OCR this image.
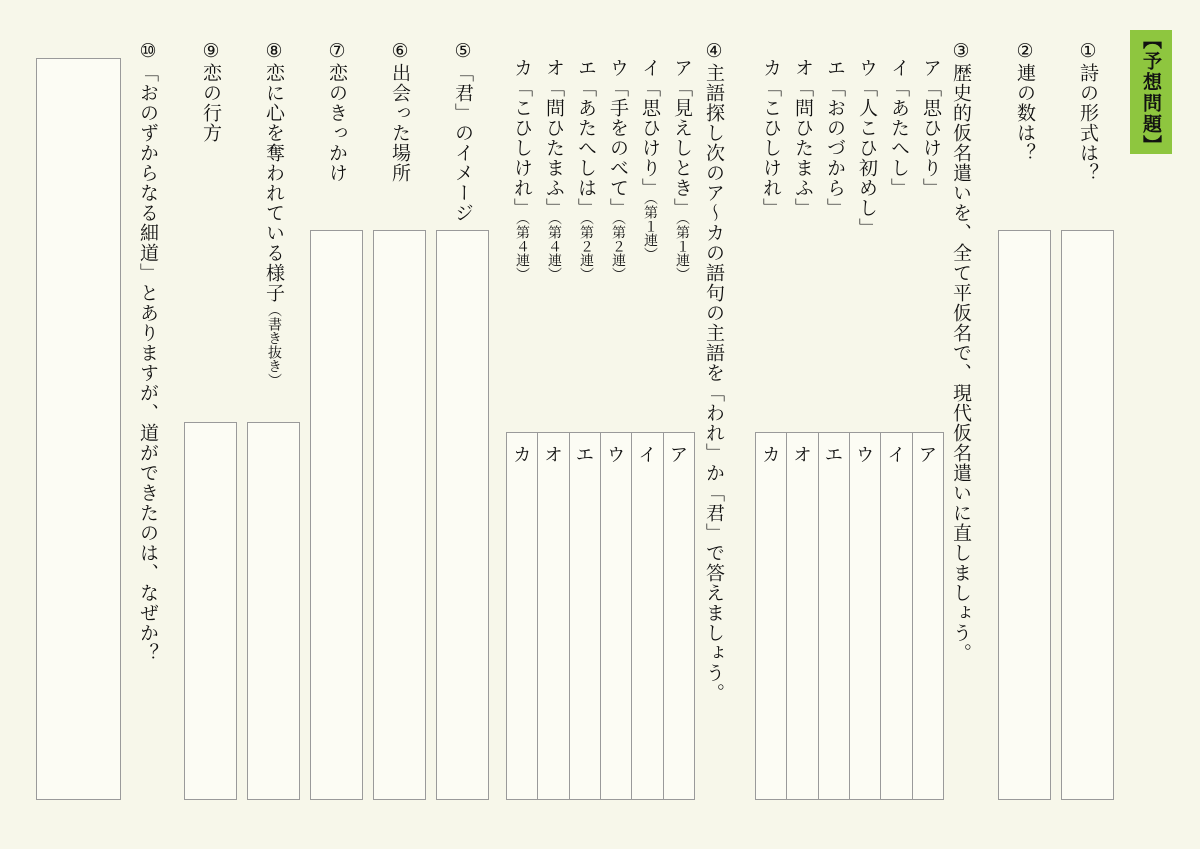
【予想問題】
①詩の形式は？
②連の数は？
③歴史的仮名遣いを、全て平仮名で、現代仮名遣いに直しましょう。
ア「思ひけり」
イ「あたへし」
ウ「人こひ初めし」
エ「おのづから」
オ「問ひたまふ」
カ「こひしけれ」
ア
イ
ウ
エ
オ
カ
④主語探し次のア～カの語句の主語を「われ」か「君」で答えましょう。
ア「見えしとき」（第１連）
イ「思ひけり」（第１連）
ウ「手をのべて」（第２連）
エ「あたへしは」（第２連）
オ「問ひたまふ」（第４連）
カ「こひしけれ」（第４連）
ア
イ
ウ
エ
オ
カ
⑤「君」のイメージ
⑥出会った場所
⑦恋のきっかけ
⑧恋に心を奪われている様子（書き抜き）
⑨恋の行方
⑩「おのずからなる細道」とありますが、道ができたのは、なぜか？
